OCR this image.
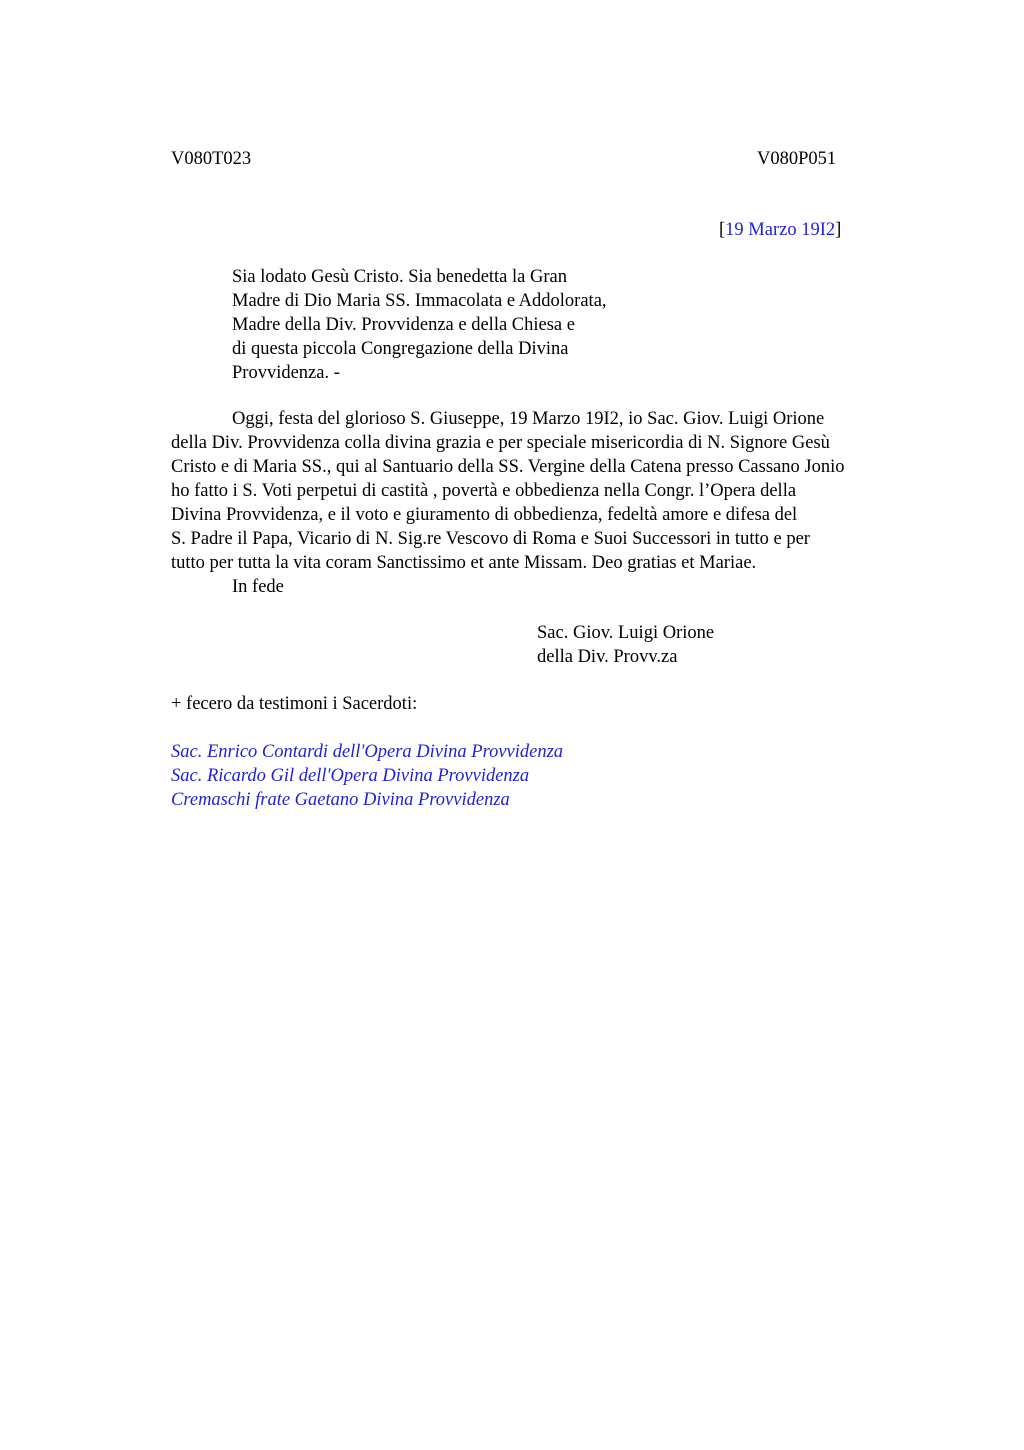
V080T023	V080P051
[19 Marzo 19I2]
Sia lodato Gesù Cristo. Sia benedetta la Gran
Madre di Dio Maria SS. Immacolata e Addolorata,
Madre della Div. Provvidenza e della Chiesa e
di questa piccola Congregazione della Divina
Provvidenza. -
Oggi, festa del glorioso S. Giuseppe, 19 Marzo 19I2, io Sac. Giov. Luigi Orione
della Div. Provvidenza colla divina grazia e per speciale misericordia di N. Signore Gesù
Cristo e di Maria SS., qui al Santuario della SS. Vergine della Catena presso Cassano Jonio
ho fatto i S. Voti perpetui di castità , povertà e obbedienza nella Congr. l’Opera della
Divina Provvidenza, e il voto e giuramento di obbedienza, fedeltà amore e difesa del
S. Padre il Papa, Vicario di N. Sig.re Vescovo di Roma e Suoi Successori in tutto e per
tutto per tutta la vita coram Sanctissimo et ante Missam. Deo gratias et Mariae.
In fede
Sac. Giov. Luigi Orione
della Div. Provv.za
+ fecero da testimoni i Sacerdoti:
Sac. Enrico Contardi dell'Opera Divina Provvidenza
Sac. Ricardo Gil dell'Opera Divina Provvidenza
Cremaschi frate Gaetano Divina Provvidenza
